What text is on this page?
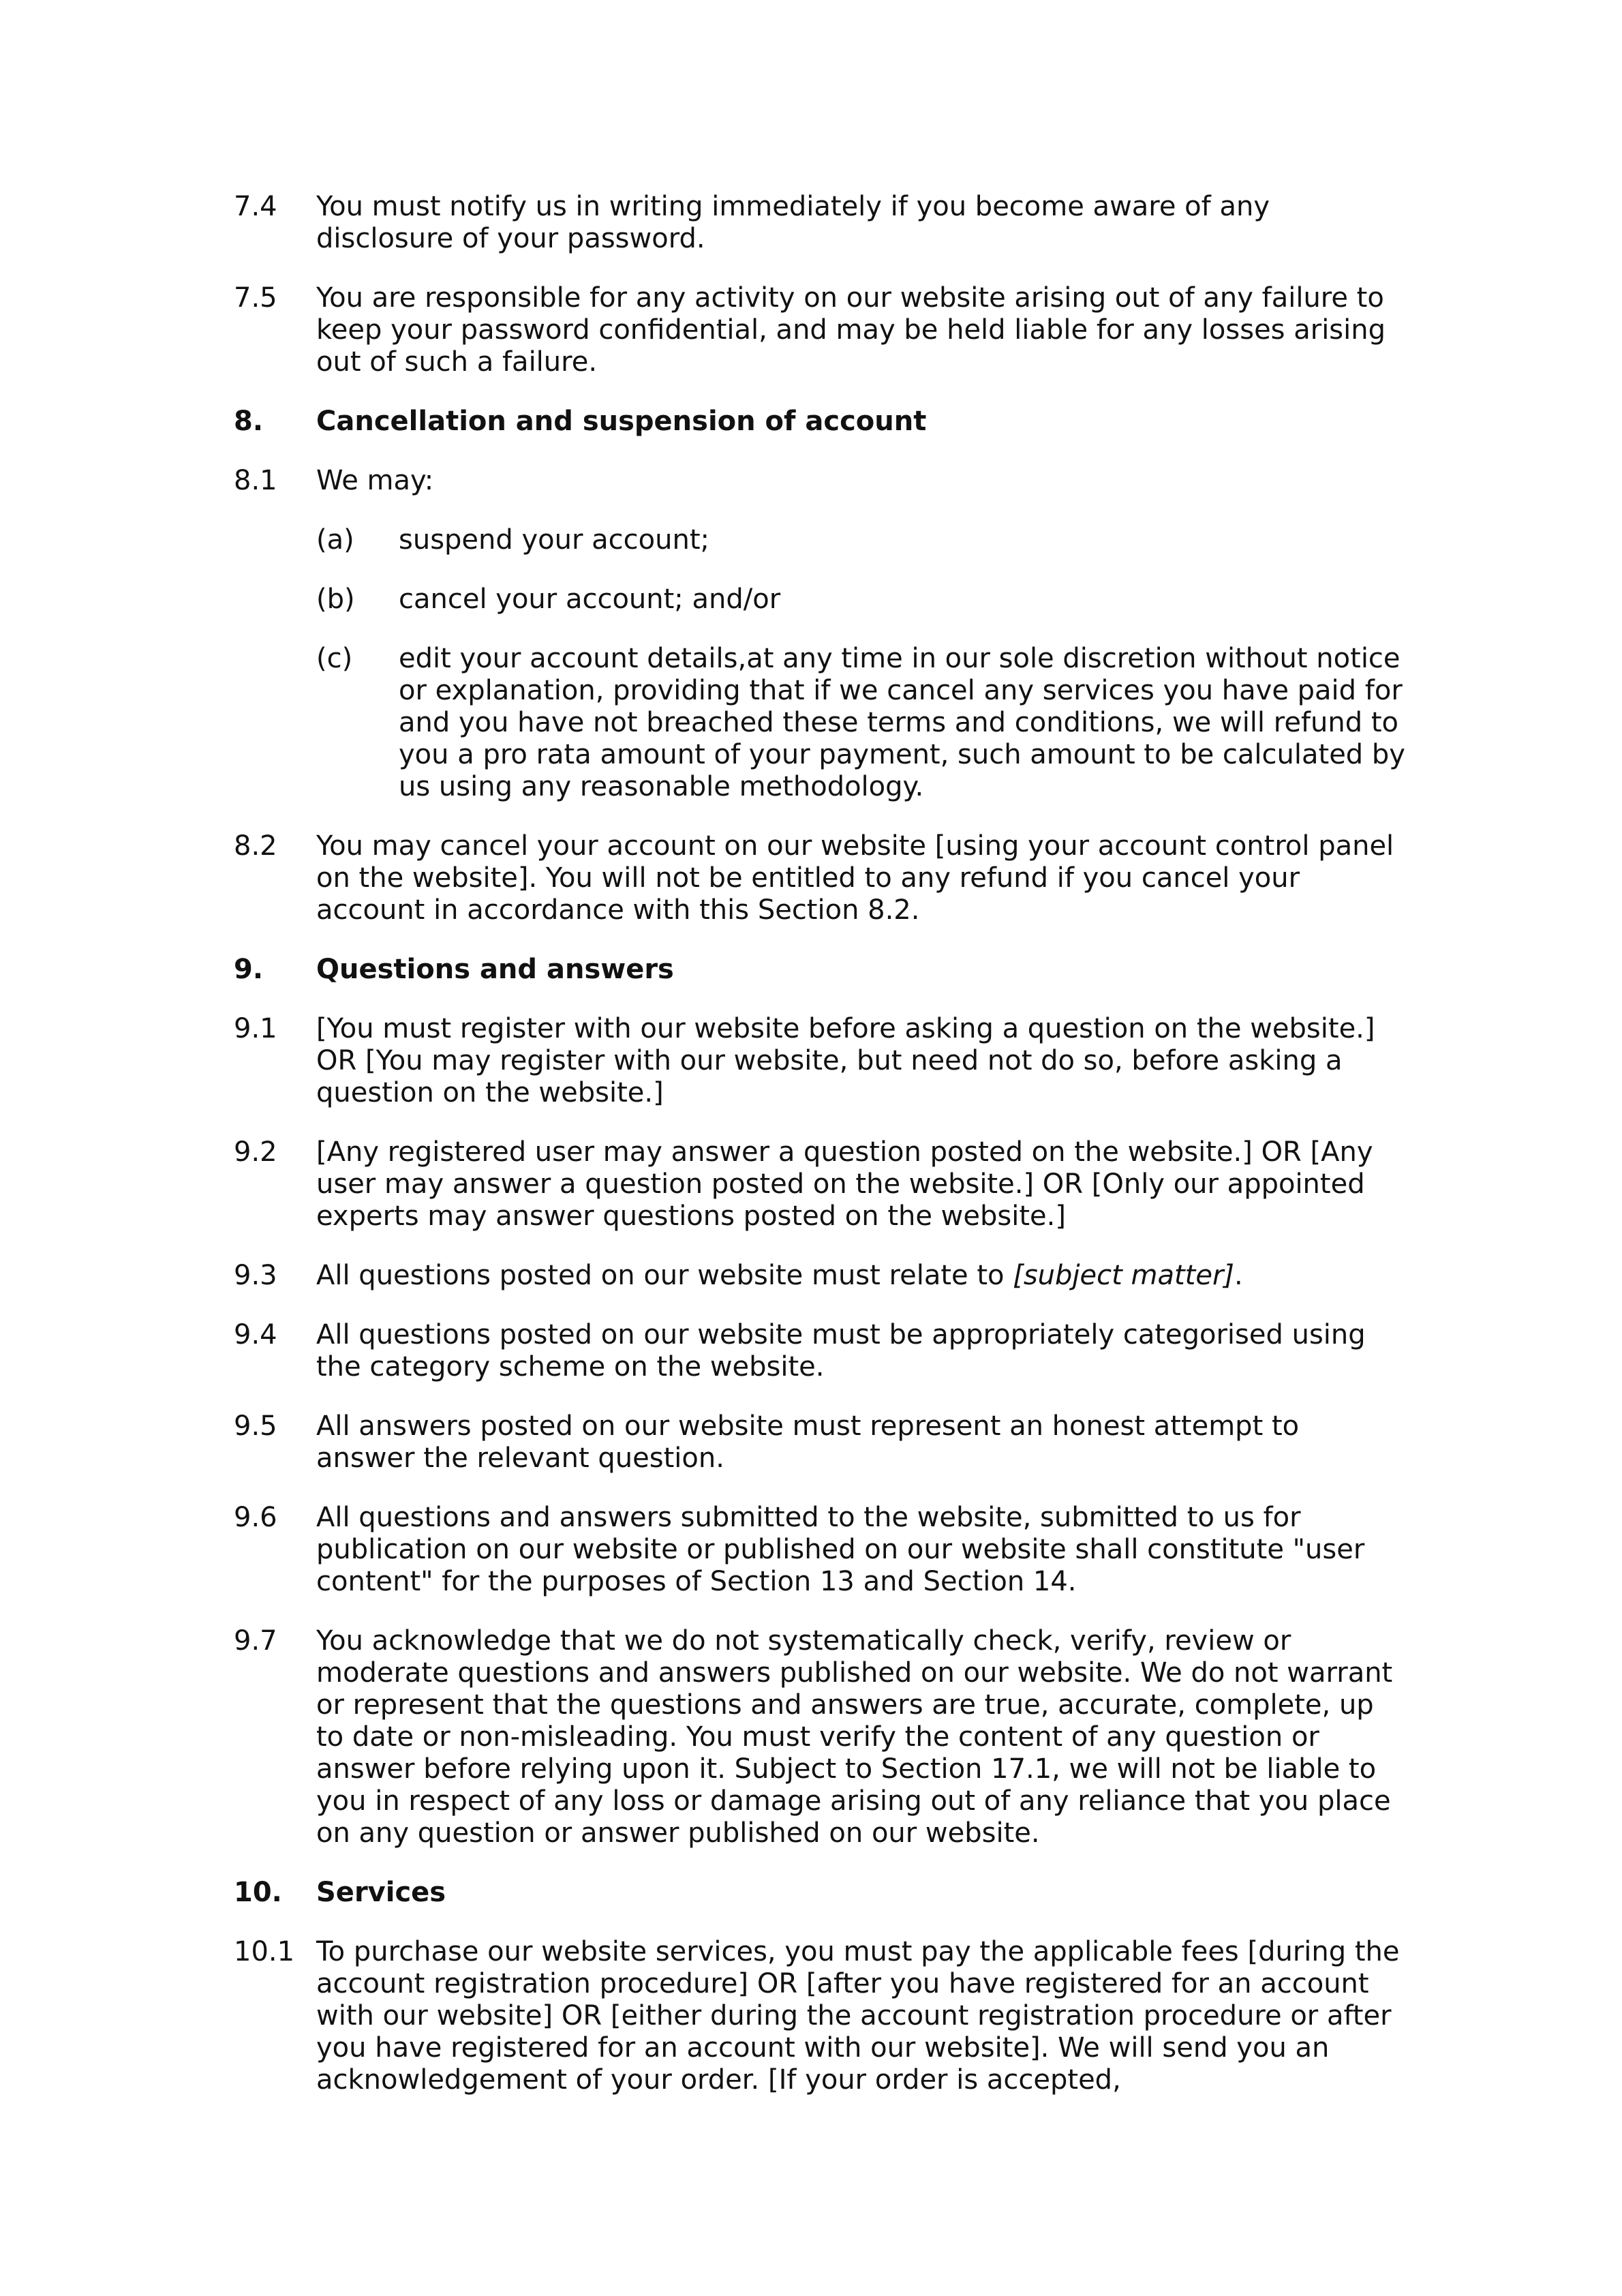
7.4 You must notify us in writing immediately if you become aware of any disclosure of your password.
7.5 You are responsible for any activity on our website arising out of any failure to keep your password confidential, and may be held liable for any losses arising out of such a failure.
8. Cancellation and suspension of account
8.1 We may:
(a) suspend your account;
(b) cancel your account; and/or
(c) edit your account details,at any time in our sole discretion without notice or explanation, providing that if we cancel any services you have paid for and you have not breached these terms and conditions, we will refund to you a pro rata amount of your payment, such amount to be calculated by us using any reasonable methodology.
8.2 You may cancel your account on our website [using your account control panel on the website]. You will not be entitled to any refund if you cancel your account in accordance with this Section 8.2.
9. Questions and answers
9.1 [You must register with our website before asking a question on the website.] OR [You may register with our website, but need not do so, before asking a question on the website.]
9.2 [Any registered user may answer a question posted on the website.] OR [Any user may answer a question posted on the website.] OR [Only our appointed experts may answer questions posted on the website.]
9.3 All questions posted on our website must relate to [subject matter].
9.4 All questions posted on our website must be appropriately categorised using the category scheme on the website.
9.5 All answers posted on our website must represent an honest attempt to answer the relevant question.
9.6 All questions and answers submitted to the website, submitted to us for publication on our website or published on our website shall constitute "user content" for the purposes of Section 13 and Section 14.
9.7 You acknowledge that we do not systematically check, verify, review or moderate questions and answers published on our website. We do not warrant or represent that the questions and answers are true, accurate, complete, up to date or non-misleading. You must verify the content of any question or answer before relying upon it. Subject to Section 17.1, we will not be liable to you in respect of any loss or damage arising out of any reliance that you place on any question or answer published on our website.
10. Services
10.1 To purchase our website services, you must pay the applicable fees [during the account registration procedure] OR [after you have registered for an account with our website] OR [either during the account registration procedure or after you have registered for an account with our website]. We will send you an acknowledgement of your order. [If your order is accepted,
